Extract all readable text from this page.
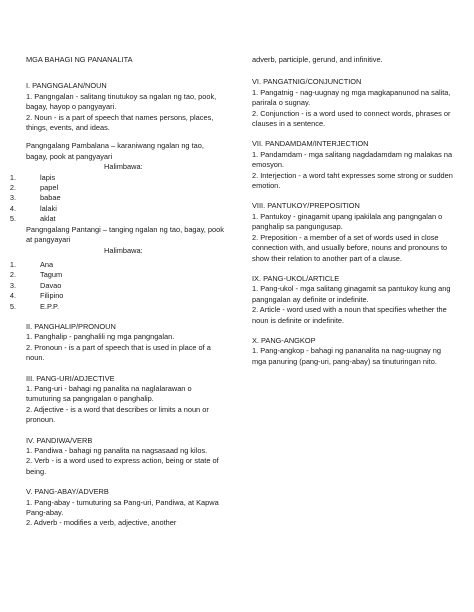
MGA BAHAGI NG PANANALITA

I. PANGNGALAN/NOUN

1. Pangngalan - salitang tinutukoy sa ngalan ng tao, pook, bagay, hayop o pangyayari.

2. Noun - is a part of speech that names persons, places, things, events, and ideas.

Pangngalang Pambalana – karaniwang ngalan ng tao, bagay, pook at pangyayari

Halimbawa:

1.	lapis
2.	papel
3.	babae
4.	lalaki
5.	aklat

Pangngalang Pantangi – tanging ngalan ng tao, bagay, pook at pangyayari

Halimbawa:

1.	Ana
2.	Tagum
3.	Davao
4.	Filipino
5.	E.P.P.

II. PANGHALIP/PRONOUN

1. Panghalip - panghalili ng mga pangngalan.

2. Pronoun - is a part of speech that is used in place of a noun.

III. PANG-URI/ADJECTIVE

1. Pang-uri - bahagi ng panalita na naglalarawan o tumuturing sa pangngalan o panghalip.

2. Adjective - is a word that describes or limits a noun or pronoun.

IV. PANDIWA/VERB

1. Pandiwa - bahagi ng panalita na nagsasaad ng kilos.

2. Verb - is a word used to express action, being or state of being.

V. PANG-ABAY/ADVERB

1. Pang-abay - tumuturing sa Pang-uri, Pandiwa, at Kapwa Pang-abay.

2. Adverb - modifies a verb, adjective, another

adverb, participle, gerund, and infinitive.

VI. PANGATNIG/CONJUNCTION

1. Pangatnig - nag-uugnay ng mga magkapanunod na salita, parirala o sugnay.

2. Conjunction - is a word used to connect words, phrases or clauses in a sentence.

VII. PANDAMDAM/INTERJECTION

1. Pandamdam - mga salitang nagdadamdam ng malakas na emosyon.

2. Interjection - a word taht expresses some strong or sudden emotion.

VIII. PANTUKOY/PREPOSITION

1. Pantukoy - ginagamit upang ipakilala ang pangngalan o panghalip sa pangungusap.

2. Preposition - a member of a set of words used in close connection with, and usually before, nouns and pronouns to show their relation to another part of a clause.

IX. PANG-UKOL/ARTICLE

1. Pang-ukol - mga salitang ginagamit sa pantukoy kung ang pangngalan ay definite or indefinite.

2. Article - word used with a noun that specifies whether the noun is definite or indefinite.

X. PANG-ANGKOP

1. Pang-angkop - bahagi ng pananalita na nag-uugnay ng mga panuring (pang-uri, pang-abay) sa tinuturingan nito.
